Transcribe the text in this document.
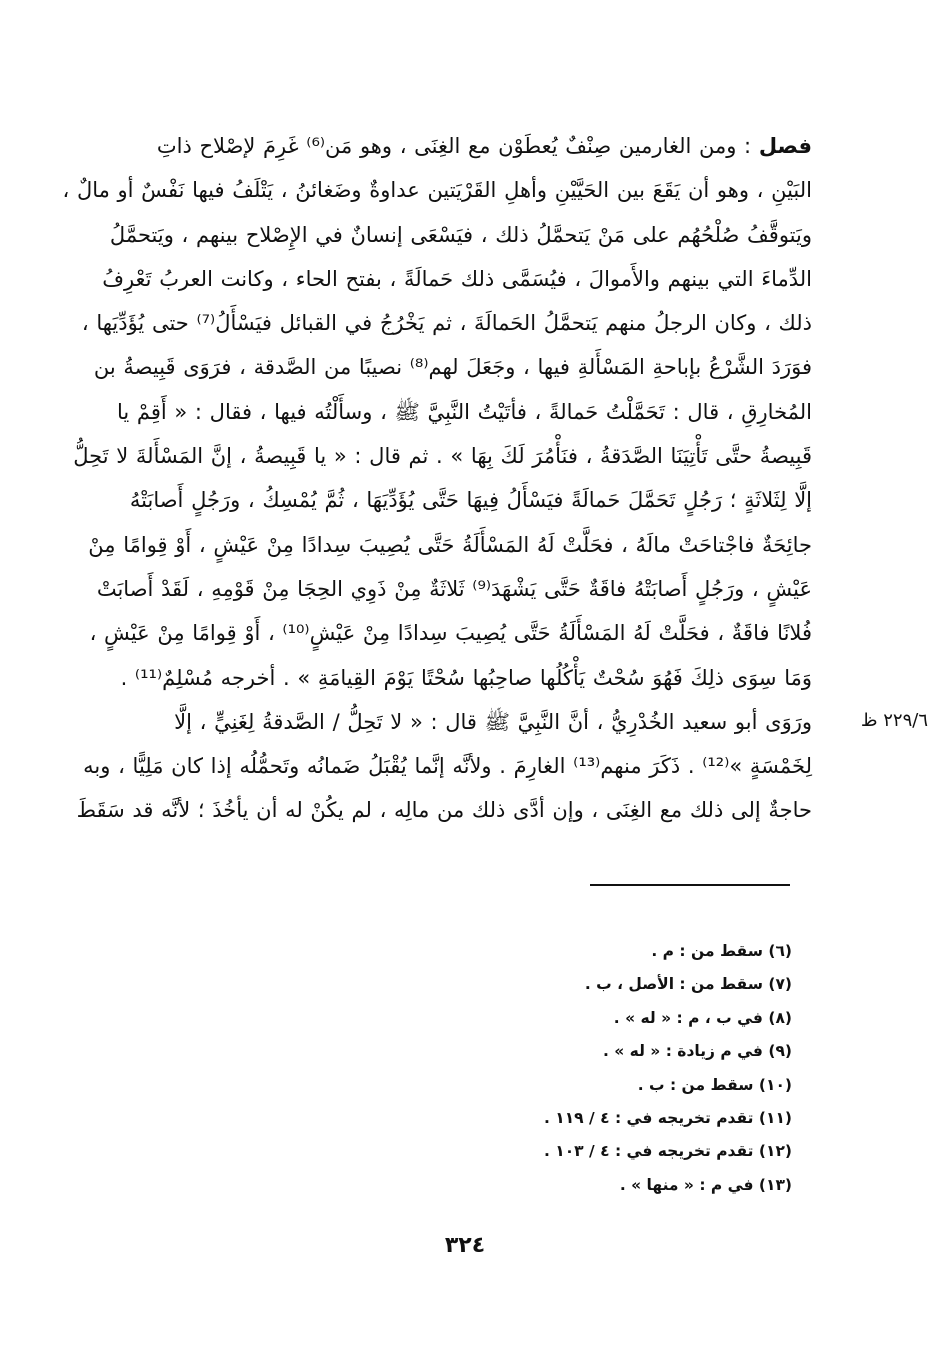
فصل : ومن الغارمين صِنْفٌ يُعطَوْن مع الغِنَى ، وهو مَن⁽⁶⁾ غَرِمَ لإصْلاح ذاتِ
البَيْنِ ، وهو أن يَقَعَ بين الحَيَّيْنِ وأهلِ القَرْيَتين عداوةٌ وضَغائنُ ، يَتْلَفُ فيها نَفْسٌ أو مالٌ ،
ويَتوقَّفُ صُلْحُهُم على مَنْ يَتحمَّلُ ذلك ، فيَسْعَى إنسانٌ في الإِصْلاح بينهم ، ويَتحمَّلُ
الدِّماءَ التي بينهم والأَموالَ ، فيُسَمَّى ذلك حَمالَةً ، بفتح الحاء ، وكانت العربُ تَعْرِفُ
ذلك ، وكان الرجلُ منهم يَتحمَّلُ الحَمالَةَ ، ثم يَخْرُجُ في القبائل فيَسْأَلُ⁽⁷⁾ حتى يُؤَدِّيَها ،
فوَرَدَ الشَّرْعُ بإباحةِ المَسْأَلةِ فيها ، وجَعَلَ لهم⁽⁸⁾ نصيبًا من الصَّدقة ، فرَوَى قَبِيصةُ بن
المُخارِقِ ، قال : تَحَمَّلْتُ حَمالةً ، فأتَيْتُ النَّبِيَّ ﷺ ، وسأَلْتُه فيها ، فقال : « أَقِمْ يا
قَبِيصةُ حتَّى تَأْتِيَنَا الصَّدَقةُ ، فنَأْمُرَ لَكَ بِهَا » . ثم قال : « يا قَبِيصةُ ، إنَّ المَسْأَلةَ لا تَحِلُّ
إلَّا لِثَلاثَةٍ ؛ رَجُلٍ تَحَمَّلَ حَمالَةً فيَسْأَلُ فِيهَا حَتَّى يُؤَدِّيَهَا ، ثُمَّ يُمْسِكُ ، ورَجُلٍ أَصابَتْهُ
جائِحَةٌ فاجْتاحَتْ مالَهُ ، فحَلَّتْ لَهُ المَسْأَلَةُ حَتَّى يُصِيبَ سِدادًا مِنْ عَيْشٍ ، أَوْ قِوامًا مِنْ
عَيْشٍ ، ورَجُلٍ أَصابَتْهُ فاقَةٌ حَتَّى يَشْهَدَ⁽⁹⁾ ثَلاثَةٌ مِنْ ذَوِي الحِجَا مِنْ قَوْمِهِ ، لَقَدْ أَصابَتْ
فُلانًا فاقَةٌ ، فحَلَّتْ لَهُ المَسْأَلَةُ حَتَّى يُصِيبَ سِدادًا مِنْ عَيْشٍ⁽¹⁰⁾ ، أَوْ قِوامًا مِنْ عَيْشٍ ،
وَمَا سِوَى ذلِكَ فَهُوَ سُحْتٌ يَأْكُلُها صاحِبُها سُحْتًا يَوْمَ القِيامَةِ » . أخرجه مُسْلِمٌ⁽¹¹⁾ .
ورَوَى أبو سعيد الخُدْرِيُّ ، أنَّ النَّبِيَّ ﷺ قال : « لا تَحِلُّ / الصَّدقةُ لِغَنِيٍّ ، إلَّا
لِخَمْسَةٍ »⁽¹²⁾ . ذَكَرَ منهم⁽¹³⁾ الغارِمَ . ولأنَّه إنَّما يُقْبَلُ ضَمانُه وتَحمُّلُه إذا كان مَلِيًّا ، وبه
حاجةٌ إلى ذلك مع الغِنَى ، وإن أدَّى ذلك من مالِه ، لم يكُنْ له أن يأخُذَ ؛ لأنَّه قد سَقَطَ
٢٢٩/٦ ظ
(٦) سقط من : م .
(٧) سقط من : الأصل ، ب .
(٨) في ب ، م : « له » .
(٩) في م زيادة : « له » .
(١٠) سقط من : ب .
(١١) تقدم تخريجه في : ٤ / ١١٩ .
(١٢) تقدم تخريجه في : ٤ / ١٠٣ .
(١٣) في م : « منها » .
٣٢٤
